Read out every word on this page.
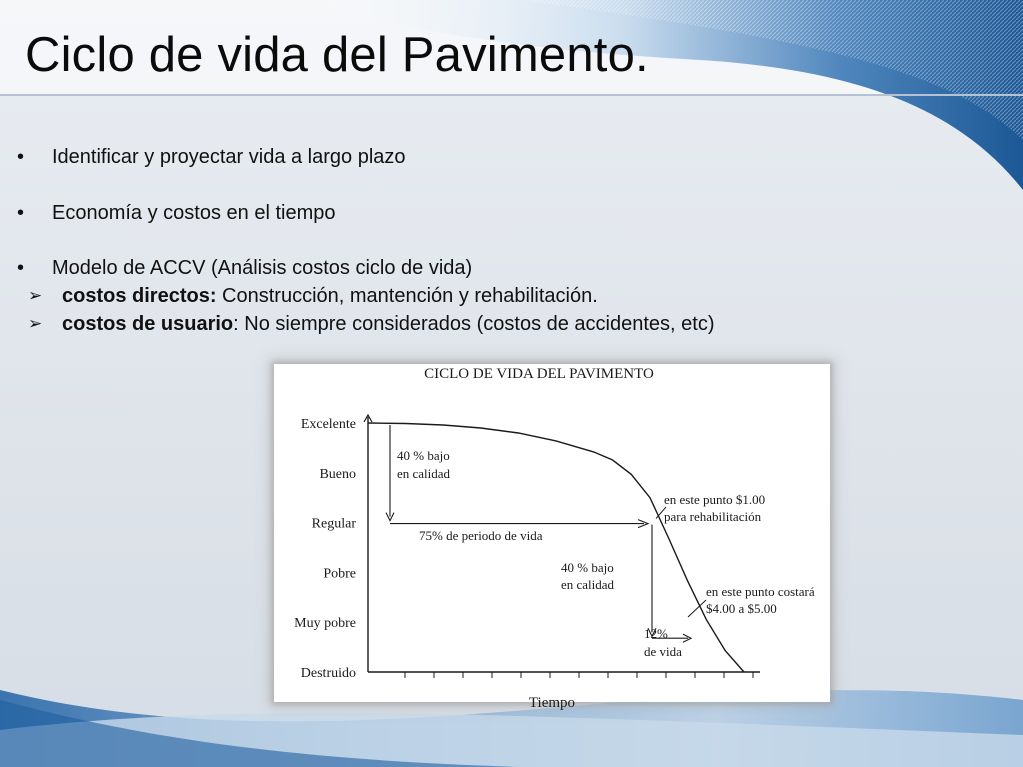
Ciclo de vida del Pavimento.
• Identificar y proyectar vida a largo plazo
• Economía y costos en el tiempo
• Modelo de ACCV (Análisis costos ciclo de vida)
➢ costos directos: Construcción, mantención y rehabilitación.
➢ costos de usuario: No siempre considerados (costos de accidentes, etc)
CICLO DE VIDA DEL PAVIMENTO
Excelente
Bueno
Regular
Pobre
Muy pobre
Destruido
40 % bajo
en calidad
75% de periodo de vida
en este punto $1.00
para rehabilitación
40 % bajo
en calidad
12%
de vida
en este punto costará
$4.00 a $5.00
Tiempo
